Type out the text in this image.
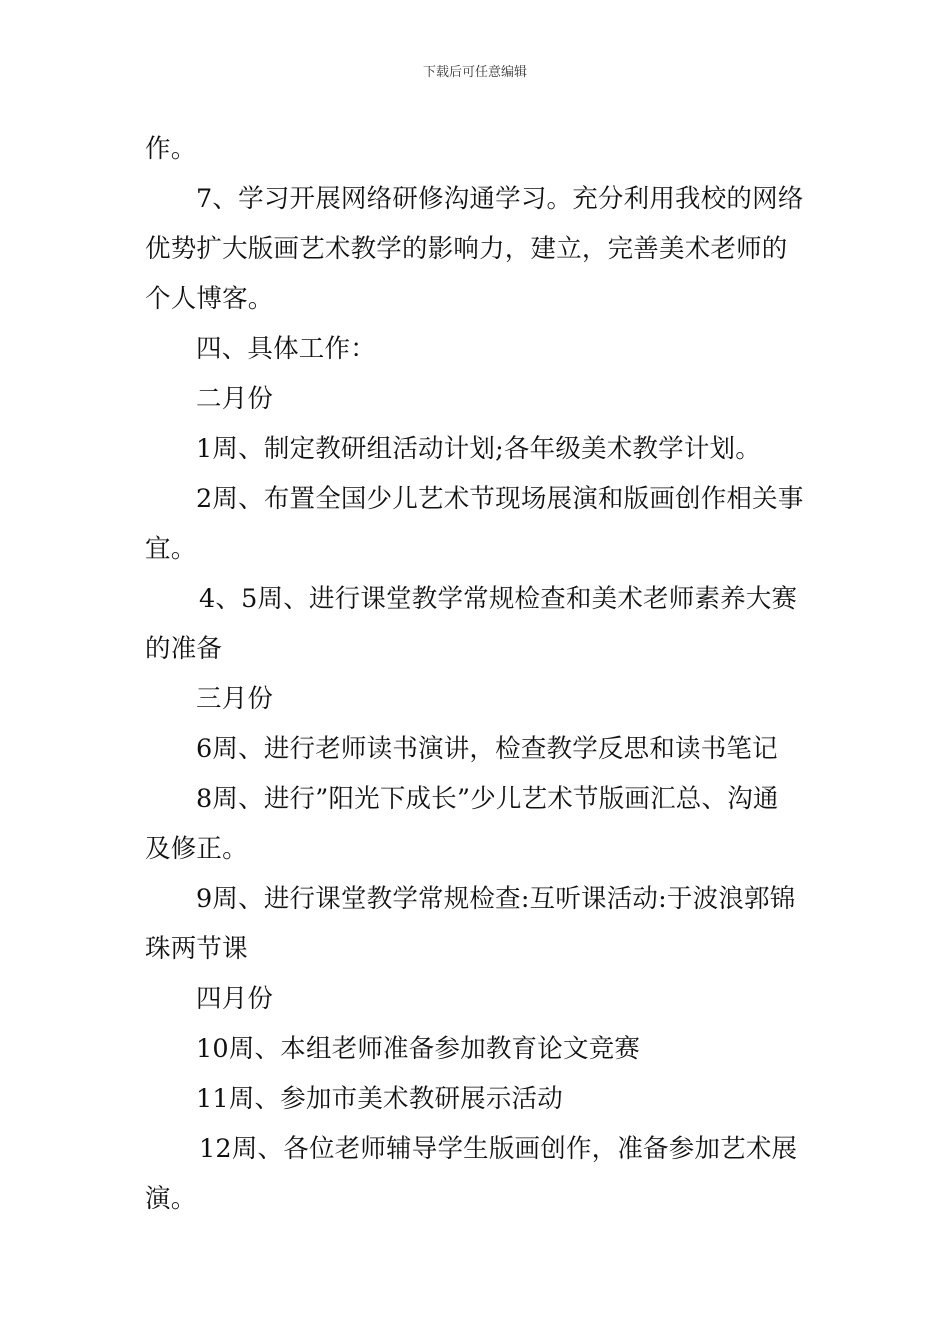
下载后可任意编辑
作。
7、学习开展网络研修沟通学习。充分利用我校的网络
优势扩大版画艺术教学的影响力，建立，完善美术老师的
个人博客。
四、具体工作：
二月份
1周、制定教研组活动计划;各年级美术教学计划。
2周、布置全国少儿艺术节现场展演和版画创作相关事
宜。
4、5周、进行课堂教学常规检查和美术老师素养大赛
的准备
三月份
6周、进行老师读书演讲，检查教学反思和读书笔记
8周、进行”阳光下成长”少儿艺术节版画汇总、沟通
及修正。
9周、进行课堂教学常规检查:互听课活动:于波浪郭锦
珠两节课
四月份
10周、本组老师准备参加教育论文竞赛
11周、参加市美术教研展示活动
12周、各位老师辅导学生版画创作，准备参加艺术展
演。
